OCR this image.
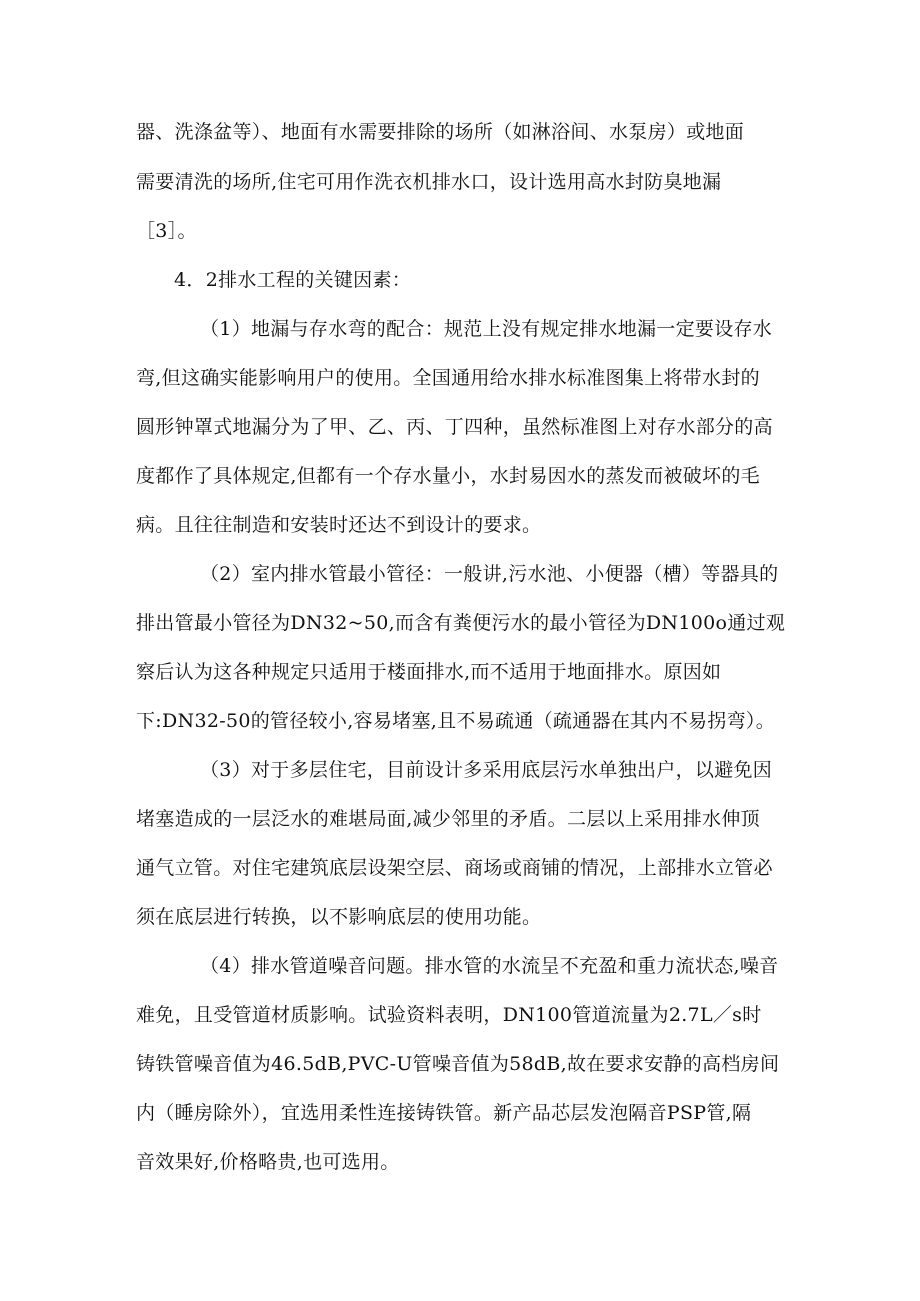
器、洗涤盆等）、地面有水需要排除的场所（如淋浴间、水泵房）或地面
需要清洗的场所,住宅可用作洗衣机排水口，设计选用高水封防臭地漏
［3］。
4．2排水工程的关键因素：
（1）地漏与存水弯的配合：规范上没有规定排水地漏一定要设存水
弯,但这确实能影响用户的使用。全国通用给水排水标准图集上将带水封的
圆形钟罩式地漏分为了甲、乙、丙、丁四种，虽然标准图上对存水部分的高
度都作了具体规定,但都有一个存水量小，水封易因水的蒸发而被破坏的毛
病。且往往制造和安装时还达不到设计的要求。
（2）室内排水管最小管径：一般讲,污水池、小便器（槽）等器具的
排出管最小管径为DN32~50,而含有粪便污水的最小管径为DN100o通过观
察后认为这各种规定只适用于楼面排水,而不适用于地面排水。原因如
下:DN32-50的管径较小,容易堵塞,且不易疏通（疏通器在其内不易拐弯）。
（3）对于多层住宅，目前设计多采用底层污水单独出户，以避免因
堵塞造成的一层泛水的难堪局面,减少邻里的矛盾。二层以上采用排水伸顶
通气立管。对住宅建筑底层设架空层、商场或商铺的情况，上部排水立管必
须在底层进行转换，以不影响底层的使用功能。
（4）排水管道噪音问题。排水管的水流呈不充盈和重力流状态,噪音
难免，且受管道材质影响。试验资料表明，DN100管道流量为2.7L／s时
铸铁管噪音值为46.5dB,PVC-U管噪音值为58dB,故在要求安静的高档房间
内（睡房除外），宜选用柔性连接铸铁管。新产品芯层发泡隔音PSP管,隔
音效果好,价格略贵,也可选用。
